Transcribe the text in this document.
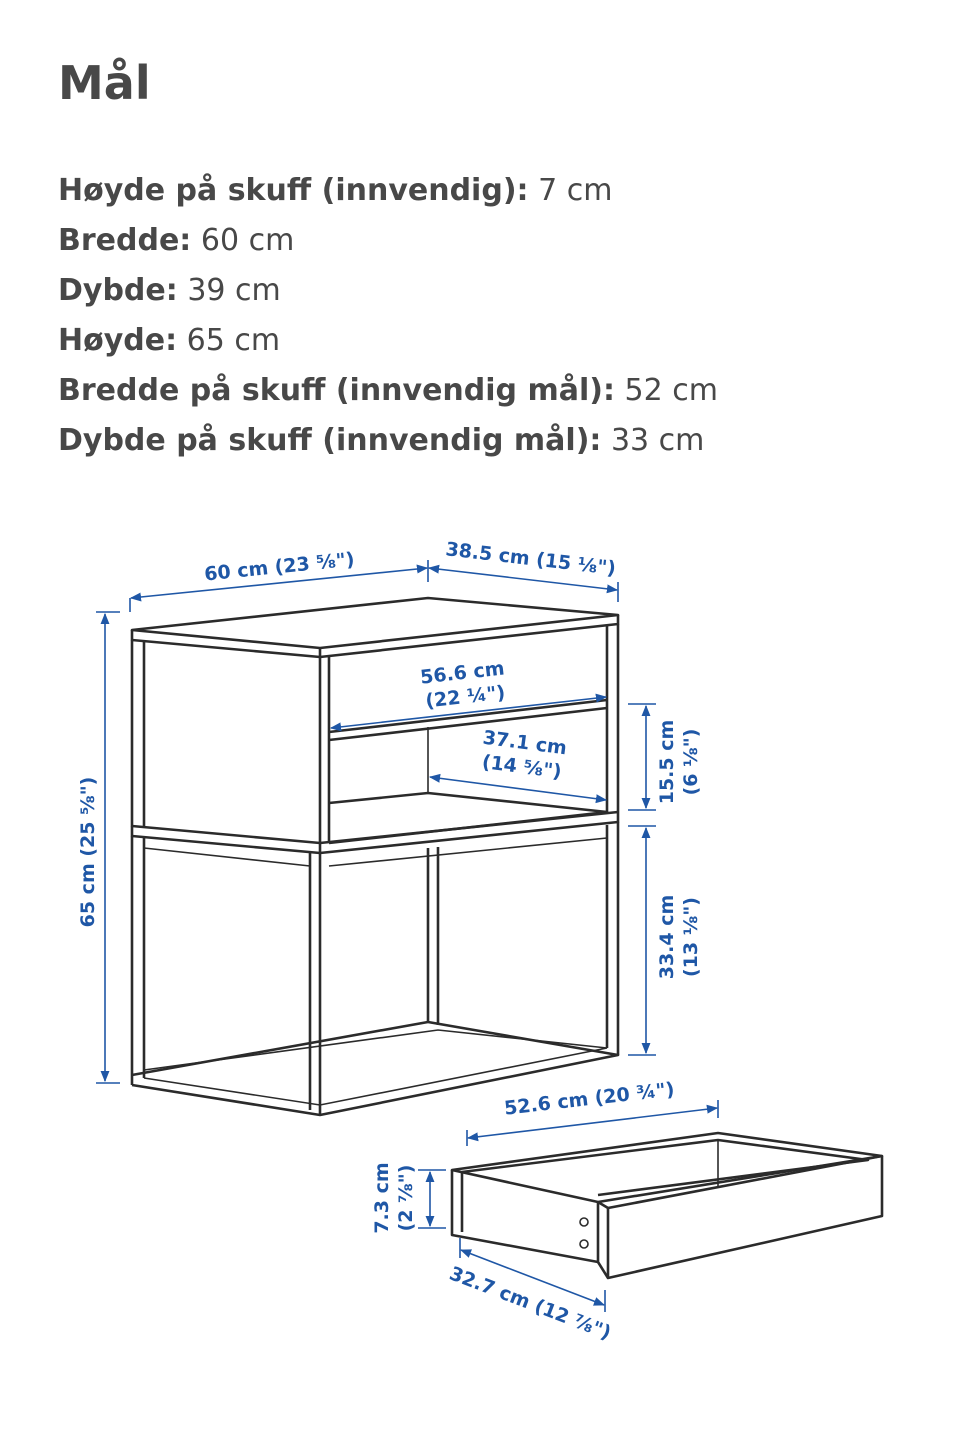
Mål
Høyde på skuff (innvendig): 7 cm
Bredde: 60 cm
Dybde: 39 cm
Høyde: 65 cm
Bredde på skuff (innvendig mål): 52 cm
Dybde på skuff (innvendig mål): 33 cm
60 cm (23 ⅝")	38.5 cm (15 ⅛")
56.6 cm
(22 ¼")
37.1 cm
(14 ⅝")	15.5 cm (6 ⅛")
33.4 cm (13 ⅛")
65 cm (25 ⅝")
52.6 cm (20 ¾")
7.3 cm (2 ⅞")
32.7 cm (12 ⅞")
